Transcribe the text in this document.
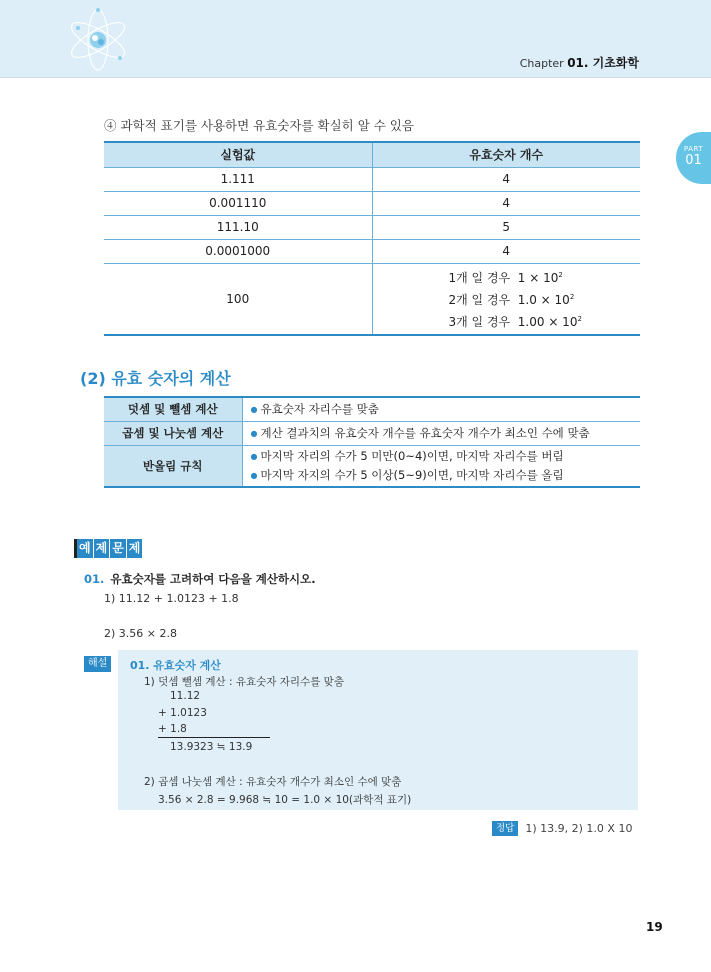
Chapter 01. 기초화학
PART
01
④ 과학적 표기를 사용하면 유효숫자를 확실히 알 수 있음
실험값	유효숫자 개수
1.111	4
0.001110	4
111.10	5
0.0001000	4
100	1개 일 경우 $1 \times 10^2$
2개 일 경우 $1.0 \times 10^2$
3개 일 경우 $1.00 \times 10^2$
(2) 유효 숫자의 계산
덧셈 및 뺄셈 계산	● 유효숫자 자리수를 맞춤

곱셈 및 나눗셈 계산	● 계산 결과치의 유효숫자 개수를 유효숫자 개수가 최소인 수에 맞춤

반올림 규칙	● 마지막 자리의 수가 5 미만(0~4)이면, 마지막 자리수를 버림
● 마지막 자지의 수가 5 이상(5~9)이면, 마지막 자리수를 올림
예 제 문 제
01. 유효숫자를 고려하여 다음을 계산하시오.
1) 11.12 + 1.0123 + 1.8
2) 3.56 × 2.8
해설	01. 유효숫자 계산
1) 덧셈 뺄셈 계산 : 유효숫자 자리수를 맞춤
11.12
+ 1.0123
+ 1.8
13.9323 ≒ 13.9
2) 곱셈 나눗셈 계산 : 유효숫자 개수가 최소인 수에 맞춤
3.56 × 2.8 = 9.968 ≒ 10 = 1.0 × 10(과학적 표기)
정답	1) 13.9, 2) 1.0 X 10
19
